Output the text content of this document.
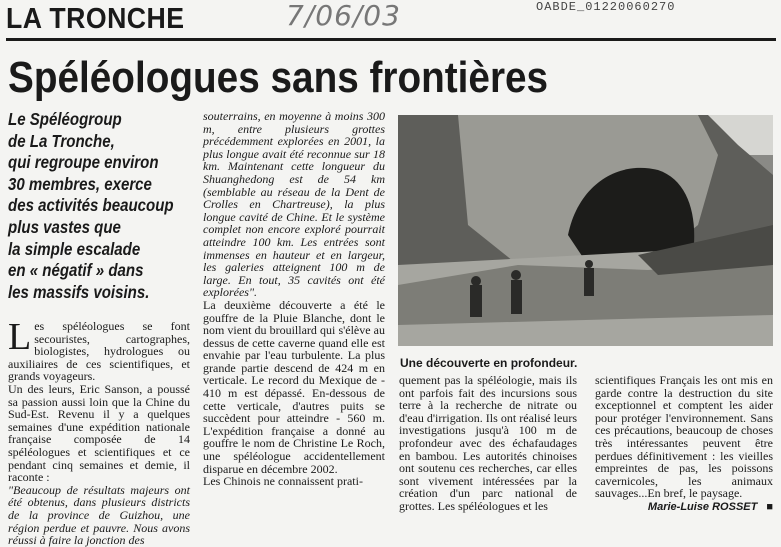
LA TRONCHE	7/06/03	OABDE_01220060270
Spéléologues sans frontières
Le Spéléogroup
de La Tronche,
qui regroupe environ
30 membres, exerce
des activités beaucoup
plus vastes que
la simple escalade
en « négatif » dans
les massifs voisins.
L es spéléologues se font secouristes, cartographes, biologistes, hydrologues ou auxiliaires de ces scientifiques, et grands voyageurs.

Un des leurs, Eric Sanson, a poussé sa passion aussi loin que la Chine du Sud-Est. Revenu il y a quelques semaines d'une expédition nationale française composée de 14 spéléologues et scientifiques et ce pendant cinq semaines et demie, il raconte :

"Beaucoup de résultats majeurs ont été obtenus, dans plusieurs districts de la province de Guizhou, une région perdue et pauvre. Nous avons réussi à faire la jonction des

souterrains, en moyenne à moins 300 m, entre plusieurs grottes précédemment explorées en 2001, la plus longue avait été reconnue sur 18 km. Maintenant cette longueur du Shuanghedong est de 54 km (semblable au réseau de la Dent de Crolles en Chartreuse), la plus longue cavité de Chine. Et le système complet non encore exploré pourrait atteindre 100 km. Les entrées sont immenses en hauteur et en largeur, les galeries atteignent 100 m de large. En tout, 35 cavités ont été explorées".

La deuxième découverte a été le gouffre de la Pluie Blanche, dont le nom vient du brouillard qui s'élève au dessus de cette caverne quand elle est envahie par l'eau turbulente. La plus grande partie descend de 424 m en verticale. Le record du Mexique de - 410 m est dépassé. En-dessous de cette verticale, d'autres puits se succèdent pour atteindre - 560 m. L'expédition française a donné au gouffre le nom de Christine Le Roch, une spéléologue accidentellement disparue en décembre 2002.

Les Chinois ne connaissent prati-

Une découverte en profondeur.

quement pas la spéléologie, mais ils ont parfois fait des incursions sous terre à la recherche de nitrate ou d'eau d'irrigation. Ils ont réalisé leurs investigations jusqu'à 100 m de profondeur avec des échafaudages en bambou. Les autorités chinoises ont soutenu ces recherches, car elles sont vivement intéressées par la création d'un parc national de grottes. Les spéléologues et les

scientifiques Français les ont mis en garde contre la destruction du site exceptionnel et comptent les aider pour protéger l'environnement. Sans ces précautions, beaucoup de choses très intéressantes peuvent être perdues définitivement : les vieilles empreintes de pas, les poissons cavernicoles, les animaux sauvages...En bref, le paysage.

Marie-Luise ROSSET ■
